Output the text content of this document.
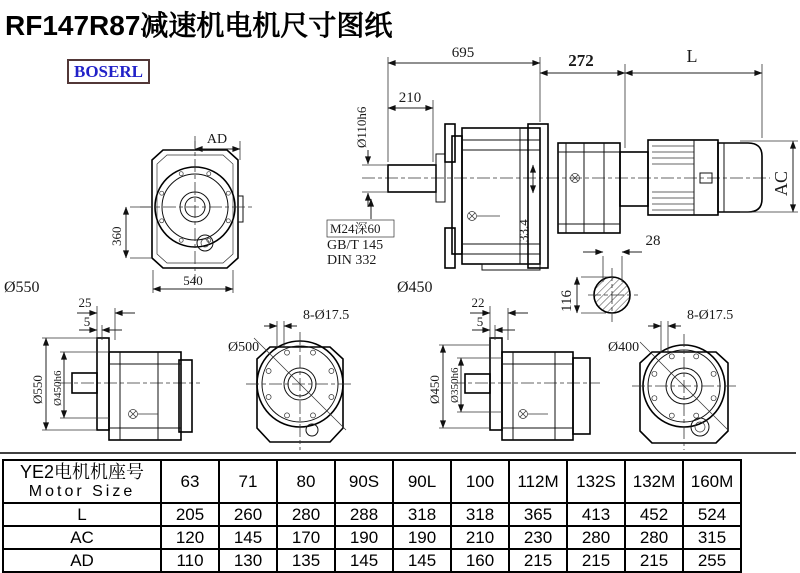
RF147R87减速机电机尺寸图纸
BOSERL
AD
360
540
Ø550
695	272	L
210
Ø110h6
M24深60
GB/T 145
DIN 332
33.4
Ø450
AC
28
116
25
5
Ø550 Ø450h6
8-Ø17.5
Ø500
22
5
Ø450 Ø350h6
8-Ø17.5
Ø400
YE2电机机座号
Motor Size	63	71	80	90S	90L	100	112M	132S	132M	160M
L	205	260	280	288	318	318	365	413	452	524
AC	120	145	170	190	190	210	230	280	280	315
AD	110	130	135	145	145	160	215	215	215	255
